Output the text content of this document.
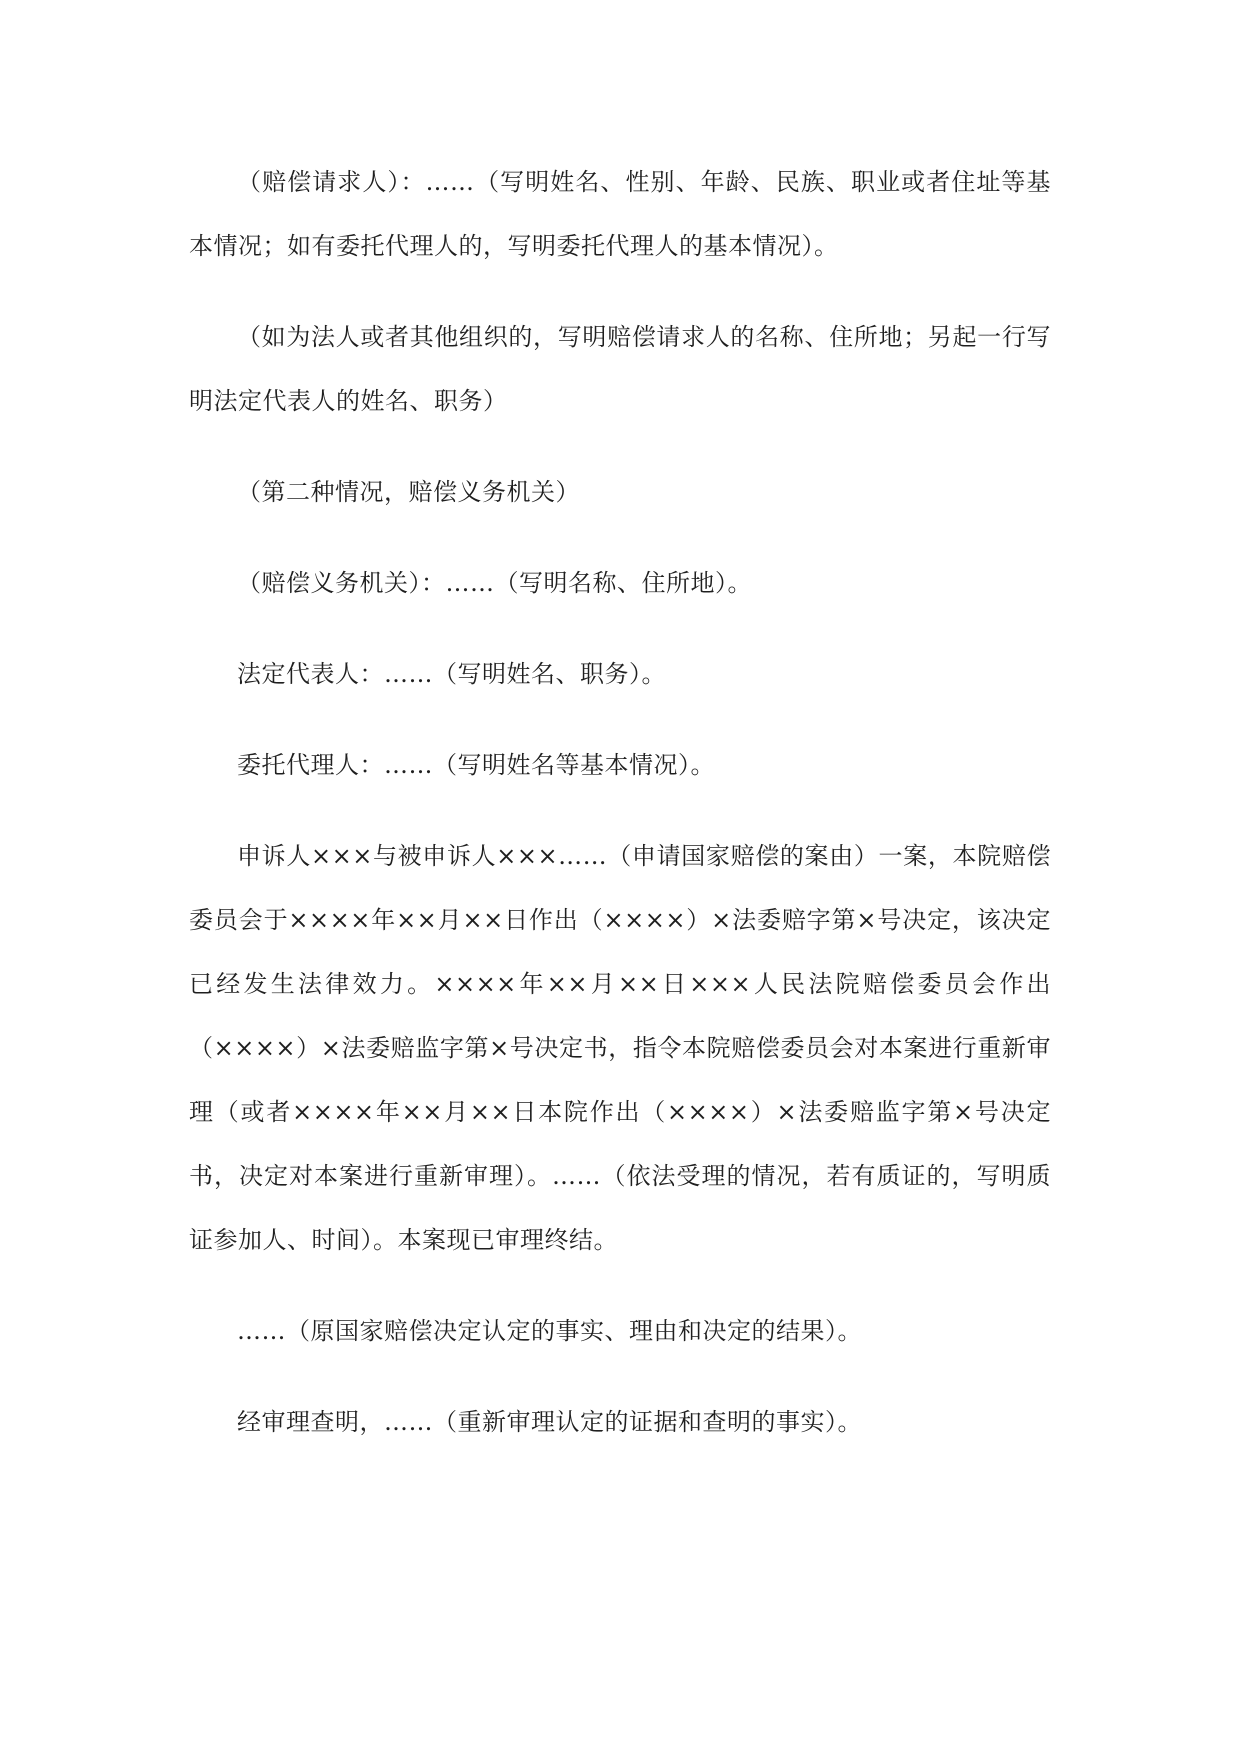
（赔偿请求人）：……（写明姓名、性别、年龄、民族、职业或者住址等基本情况；如有委托代理人的，写明委托代理人的基本情况）。

（如为法人或者其他组织的，写明赔偿请求人的名称、住所地；另起一行写明法定代表人的姓名、职务）

（第二种情况，赔偿义务机关）

（赔偿义务机关）：……（写明名称、住所地）。

法定代表人：……（写明姓名、职务）。

委托代理人：……（写明姓名等基本情况）。

申诉人×××与被申诉人×××……（申请国家赔偿的案由）一案，本院赔偿委员会于××××年××月××日作出（××××）×法委赔字第×号决定，该决定已经发生法律效力。××××年××月××日×××人民法院赔偿委员会作出（××××）×法委赔监字第×号决定书，指令本院赔偿委员会对本案进行重新审理（或者××××年××月××日本院作出（××××）×法委赔监字第×号决定书，决定对本案进行重新审理）。……（依法受理的情况，若有质证的，写明质证参加人、时间）。本案现已审理终结。

……（原国家赔偿决定认定的事实、理由和决定的结果）。

经审理查明，……（重新审理认定的证据和查明的事实）。
